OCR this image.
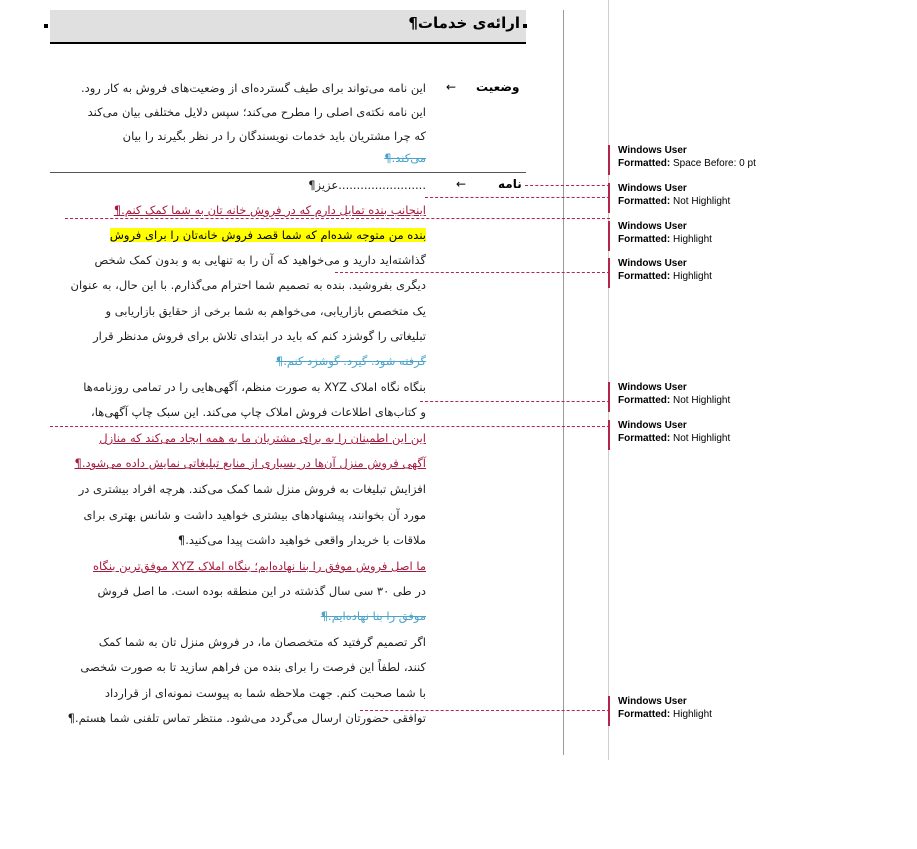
ارائه‌ی خدمات¶
وضعیت
←
این نامه می‌تواند برای طیف گسترده‌ای از وضعیت‌های فروش به کار رود.
این نامه نکته‌ی اصلی را مطرح می‌کند؛ سپس دلایل مختلفی بیان می‌کند
که چرا مشتریان باید خدمات نویسندگان را در نظر بگیرند را بیان
می‌کند.¶
نامه
←
........................عزیز¶
اینجانب بنده تمایل دارم که در فروش خانه تان به شما کمک کنم.¶
بنده من متوجه شده‌ام که شما قصد فروش خانه‌تان را برای فروش
گذاشته‌اید دارید و می‌خواهید که آن را به تنهایی به و بدون کمک شخص
دیگری بفروشید. بنده به تصمیم شما احترام می‌گذارم. با این حال، به عنوان
یک متخصص بازاریابی، می‌خواهم به شما برخی از حقایق بازاریابی و
تبلیغاتی را گوشزد کنم که باید در ابتدای تلاش برای فروش مدنظر قرار
گرفته شود. گیرد. گوشزد کنم.¶
بنگاه نگاه املاک XYZ به صورت منظم، آگهی‌هایی را در تمامی روزنامه‌ها
و کتاب‌های اطلاعات فروش املاک چاپ می‌کند. این سبک چاپ آگهی‌ها،
این این اطمینان را به برای مشتریان ما به همه ایجاد می‌کند که منازل
آگهی فروش منزل آن‌ها در بسیاری از منابع تبلیغاتی نمایش داده می‌شود.¶
افزایش تبلیغات به فروش منزل شما کمک می‌کند. هرچه افراد بیشتری در
مورد آن بخوانند، پیشنهادهای بیشتری خواهید داشت و شانس بهتری برای
ملاقات با خریدار واقعی خواهید داشت پیدا می‌کنید.¶
ما اصل فروش موفق را بنا نهاده‌ایم؛ بنگاه املاک XYZ موفق‌ترین بنگاه
در طی ۳۰ سی سال گذشته در این منطقه بوده است. ما اصل فروش
موفق را بنا نهاده‌ایم.¶
اگر تصمیم گرفتید که متخصصان ما، در فروش منزل تان به شما کمک
کنند، لطفاً این فرصت را برای بنده من فراهم سازید تا به صورت شخصی
با شما صحبت کنم. جهت ملاحظه شما به پیوست نمونه‌ای از قرارداد
توافقی حضورتان ارسال می‌گردد می‌شود. منتظر تماس تلفنی شما هستم.¶
Windows User
Formatted: Space Before: 0 pt
Windows User
Formatted: Not Highlight
Windows User
Formatted: Highlight
Windows User
Formatted: Highlight
Windows User
Formatted: Not Highlight
Windows User
Formatted: Not Highlight
Windows User
Formatted: Highlight
